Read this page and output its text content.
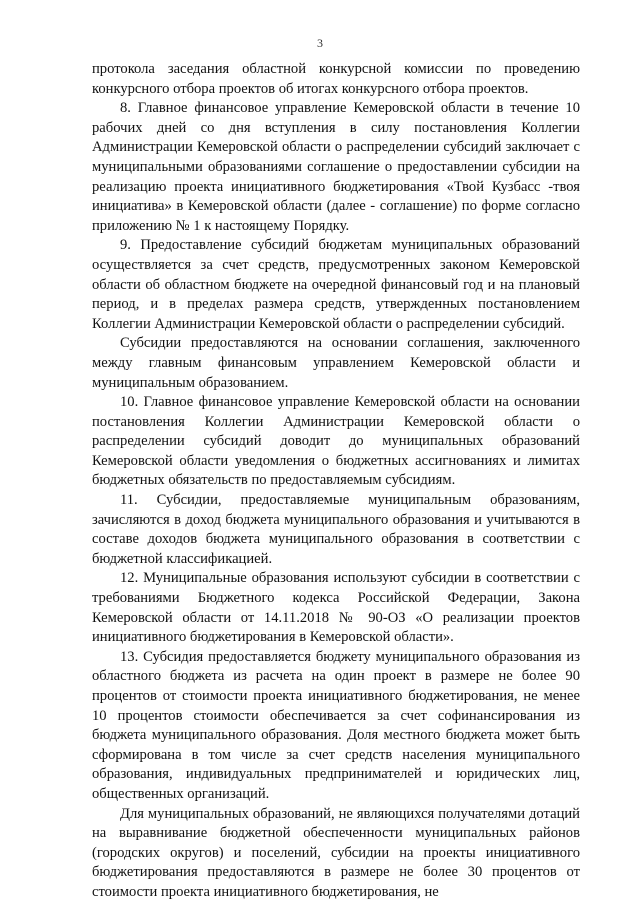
3

протокола заседания областной конкурсной комиссии по проведению конкурсного отбора проектов об итогах конкурсного отбора проектов.

8. Главное финансовое управление Кемеровской области в течение 10 рабочих дней со дня вступления в силу постановления Коллегии Администрации Кемеровской области о распределении субсидий заключает с муниципальными образованиями соглашение о предоставлении субсидии на реализацию проекта инициативного бюджетирования «Твой Кузбасс -твоя инициатива» в Кемеровской области (далее - соглашение) по форме согласно приложению № 1 к настоящему Порядку.

9. Предоставление субсидий бюджетам муниципальных образований осуществляется за счет средств, предусмотренных законом Кемеровской области об областном бюджете на очередной финансовый год и на плановый период, и в пределах размера средств, утвержденных постановлением Коллегии Администрации Кемеровской области о распределении субсидий.

Субсидии предоставляются на основании соглашения, заключенного между главным финансовым управлением Кемеровской области и муниципальным образованием.

10. Главное финансовое управление Кемеровской области на основании постановления Коллегии Администрации Кемеровской области о распределении субсидий доводит до муниципальных образований Кемеровской области уведомления о бюджетных ассигнованиях и лимитах бюджетных обязательств по предоставляемым субсидиям.

11. Субсидии, предоставляемые муниципальным образованиям, зачисляются в доход бюджета муниципального образования и учитываются в составе доходов бюджета муниципального образования в соответствии с бюджетной классификацией.

12. Муниципальные образования используют субсидии в соответствии с требованиями Бюджетного кодекса Российской Федерации, Закона Кемеровской области от 14.11.2018 № 90-ОЗ «О реализации проектов инициативного бюджетирования в Кемеровской области».

13. Субсидия предоставляется бюджету муниципального образования из областного бюджета из расчета на один проект в размере не более 90 процентов от стоимости проекта инициативного бюджетирования, не менее 10 процентов стоимости обеспечивается за счет софинансирования из бюджета муниципального образования. Доля местного бюджета может быть сформирована в том числе за счет средств населения муниципального образования, индивидуальных предпринимателей и юридических лиц, общественных организаций.

Для муниципальных образований, не являющихся получателями дотаций на выравнивание бюджетной обеспеченности муниципальных районов (городских округов) и поселений, субсидии на проекты инициативного бюджетирования предоставляются в размере не более 30 процентов от стоимости проекта инициативного бюджетирования, не
